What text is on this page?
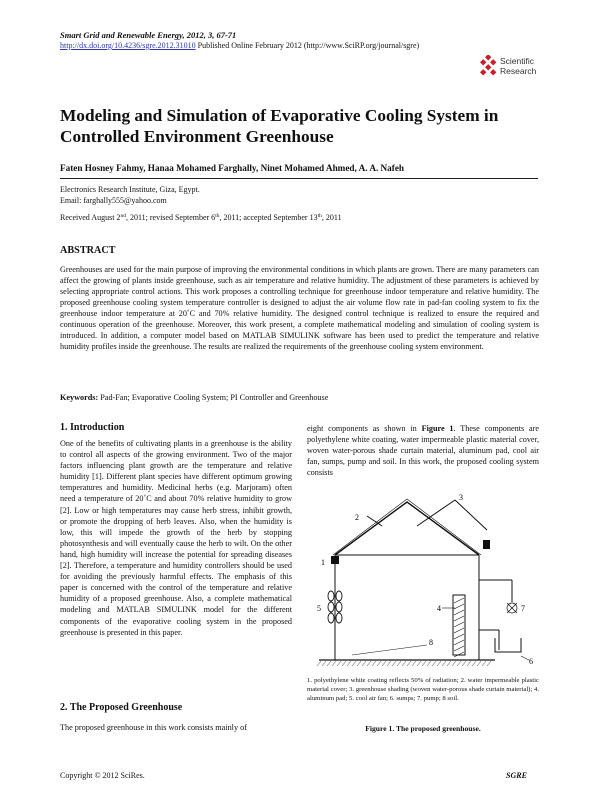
Smart Grid and Renewable Energy, 2012, 3, 67-71
http://dx.doi.org/10.4236/sgre.2012.31010 Published Online February 2012 (http://www.SciRP.org/journal/sgre)
Scientific
Research
Modeling and Simulation of Evaporative Cooling System in Controlled Environment Greenhouse
Faten Hosney Fahmy, Hanaa Mohamed Farghally, Ninet Mohamed Ahmed, A. A. Nafeh
Electronics Research Institute, Giza, Egypt.
Email: farghally555@yahoo.com
Received August 2nd, 2011; revised September 6th, 2011; accepted September 13th, 2011
ABSTRACT
Greenhouses are used for the main purpose of improving the environmental conditions in which plants are grown. There are many parameters can affect the growing of plants inside greenhouse, such as air temperature and relative humidity. The adjustment of these parameters is achieved by selecting appropriate control actions. This work proposes a controlling technique for greenhouse indoor temperature and relative humidity. The proposed greenhouse cooling system temperature controller is designed to adjust the air volume flow rate in pad-fan cooling system to fix the greenhouse indoor temperature at 20˚C and 70% relative humidity. The designed control technique is realized to ensure the required and continuous operation of the greenhouse. Moreover, this work present, a complete mathematical modeling and simulation of cooling system is introduced. In addition, a computer model based on MATLAB SIMULINK software has been used to predict the temperature and relative humidity profiles inside the greenhouse. The results are realized the requirements of the greenhouse cooling system environment.
Keywords: Pad-Fan; Evaporative Cooling System; PI Controller and Greenhouse
1. Introduction
One of the benefits of cultivating plants in a greenhouse is the ability to control all aspects of the growing environment. Two of the major factors influencing plant growth are the temperature and relative humidity [1]. Different plant species have different optimum growing temperatures and humidity. Medicinal herbs (e.g. Marjoram) often need a temperature of 20˚C and about 70% relative humidity to grow [2]. Low or high temperatures may cause herb stress, inhibit growth, or promote the dropping of herb leaves. Also, when the humidity is low, this will impede the growth of the herb by stopping photosynthesis and will eventually cause the herb to wilt. On the other hand, high humidity will increase the potential for spreading diseases [2]. Therefore, a temperature and humidity controllers should be used for avoiding the previously harmful effects. The emphasis of this paper is concerned with the control of the temperature and relative humidity of a proposed greenhouse. Also, a complete mathematical modeling and MATLAB SIMULINK model for the different components of the evaporative cooling system in the proposed greenhouse is presented in this paper.
2. The Proposed Greenhouse
The proposed greenhouse in this work consists mainly of
eight components as shown in Figure 1. These components are polyethylene white coating, water impermeable plastic material cover, woven water-porous shade curtain material, aluminum pad, cool air fan, sumps, pump and soil. In this work, the proposed cooling system consists
1
2
3
4
5
6
7
8
1. polyethylene white coating reflects 50% of radiation; 2. water impermeable plastic material cover; 3. greenhouse shading (woven water-porous shade curtain material); 4. aluminum pad; 5. cool air fan; 6. sumps; 7. pump; 8 soil.
Figure 1. The proposed greenhouse.
Copyright © 2012 SciRes.	SGRE
